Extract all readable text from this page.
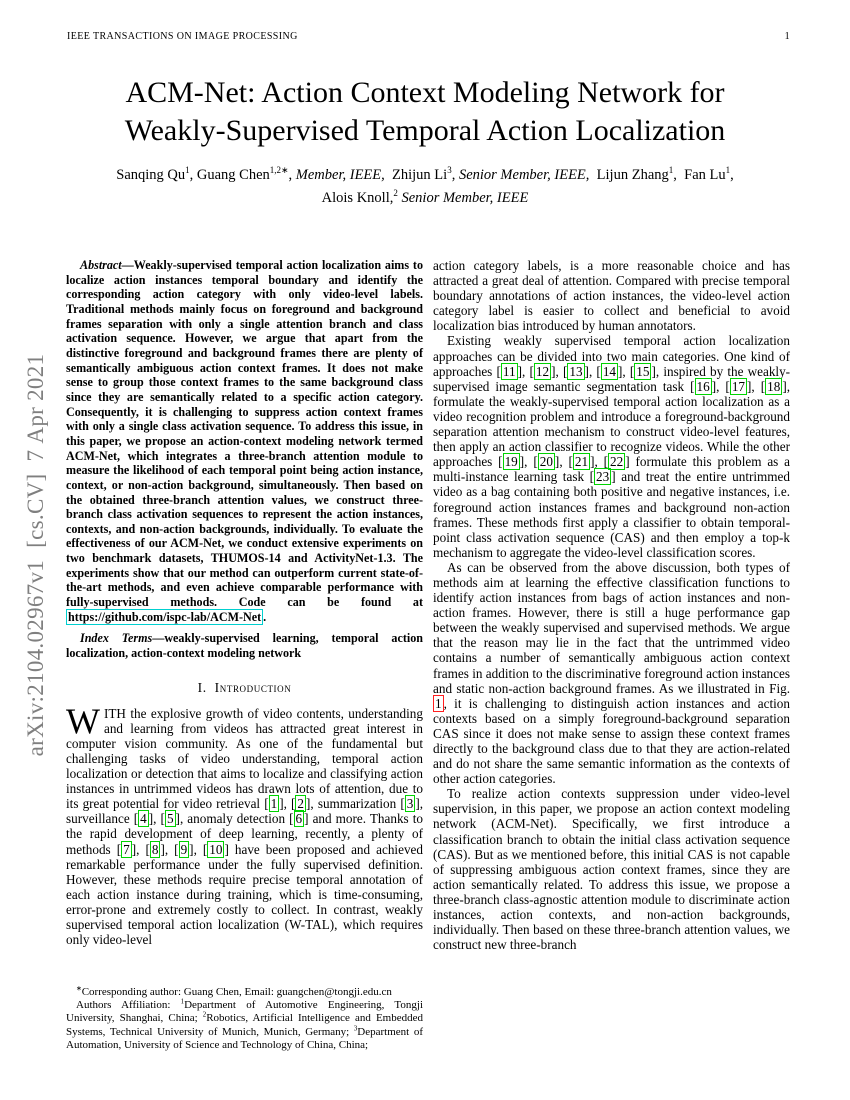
IEEE TRANSACTIONS ON IMAGE PROCESSING	1
arXiv:2104.02967v1  [cs.CV]  7 Apr 2021
ACM-Net: Action Context Modeling Network for
Weakly-Supervised Temporal Action Localization
Sanqing Qu$^1$, Guang Chen$^{1,2∗}$, Member, IEEE,  Zhijun Li$^3$, Senior Member, IEEE,  Lijun Zhang$^1$,  Fan Lu$^1$,
Alois Knoll,$^2$ Senior Member, IEEE

Abstract—Weakly-supervised temporal action localization aims to localize action instances temporal boundary and identify the corresponding action category with only video-level labels. Traditional methods mainly focus on foreground and background frames separation with only a single attention branch and class activation sequence. However, we argue that apart from the distinctive foreground and background frames there are plenty of semantically ambiguous action context frames. It does not make sense to group those context frames to the same background class since they are semantically related to a specific action category. Consequently, it is challenging to suppress action context frames with only a single class activation sequence. To address this issue, in this paper, we propose an action-context modeling network termed ACM-Net, which integrates a three-branch attention module to measure the likelihood of each temporal point being action instance, context, or non-action background, simultaneously. Then based on the obtained three-branch attention values, we construct three-branch class activation sequences to represent the action instances, contexts, and non-action backgrounds, individually. To evaluate the effectiveness of our ACM-Net, we conduct extensive experiments on two benchmark datasets, THUMOS-14 and ActivityNet-1.3. The experiments show that our method can outperform current state-of-the-art methods, and even achieve comparable performance with fully-supervised methods. Code can be found at https://github.com/ispc-lab/ACM-Net .

Index Terms—weakly-supervised learning, temporal action localization, action-context modeling network

I.  Introduction

WITH the explosive growth of video contents, understanding and learning from videos has attracted great interest in computer vision community. As one of the fundamental but challenging tasks of video understanding, temporal action localization or detection that aims to localize and classifying action instances in untrimmed videos has drawn lots of attention, due to its great potential for video retrieval [ 1 ], [ 2 ], summarization [ 3 ], surveillance [ 4 ], [ 5 ], anomaly detection [ 6 ] and more. Thanks to the rapid development of deep learning, recently, a plenty of methods [ 7 ], [ 8 ], [ 9 ], [ 10 ] have been proposed and achieved remarkable performance under the fully supervised definition. However, these methods require precise temporal annotation of each action instance during training, which is time-consuming, error-prone and extremely costly to collect. In contrast, weakly supervised temporal action localization (W-TAL), which requires only video-level

∗Corresponding author: Guang Chen, Email: guangchen@tongji.edu.cn

Authors Affiliation: $^1$Department of Automotive Engineering, Tongji University, Shanghai, China; $^2$Robotics, Artificial Intelligence and Embedded Systems, Technical University of Munich, Munich, Germany; $^3$Department of Automation, University of Science and Technology of China, China;

action category labels, is a more reasonable choice and has attracted a great deal of attention. Compared with precise temporal boundary annotations of action instances, the video-level action category label is easier to collect and beneficial to avoid localization bias introduced by human annotators.

Existing weakly supervised temporal action localization approaches can be divided into two main categories. One kind of approaches [ 11 ], [ 12 ], [ 13 ], [ 14 ], [ 15 ], inspired by the weakly-supervised image semantic segmentation task [ 16 ], [ 17 ], [ 18 ], formulate the weakly-supervised temporal action localization as a video recognition problem and introduce a foreground-background separation attention mechanism to construct video-level features, then apply an action classifier to recognize videos. While the other approaches [ 19 ], [ 20 ], [ 21 ], [ 22 ] formulate this problem as a multi-instance learning task [ 23 ] and treat the entire untrimmed video as a bag containing both positive and negative instances, i.e. foreground action instances frames and background non-action frames. These methods first apply a classifier to obtain temporal-point class activation sequence (CAS) and then employ a top-k mechanism to aggregate the video-level classification scores.

As can be observed from the above discussion, both types of methods aim at learning the effective classification functions to identify action instances from bags of action instances and non-action frames. However, there is still a huge performance gap between the weakly supervised and supervised methods. We argue that the reason may lie in the fact that the untrimmed video contains a number of semantically ambiguous action context frames in addition to the discriminative foreground action instances and static non-action background frames. As we illustrated in Fig. 1 , it is challenging to distinguish action instances and action contexts based on a simply foreground-background separation CAS since it does not make sense to assign these context frames directly to the background class due to that they are action-related and do not share the same semantic information as the contexts of other action categories.

To realize action contexts suppression under video-level supervision, in this paper, we propose an action context modeling network (ACM-Net). Specifically, we first introduce a classification branch to obtain the initial class activation sequence (CAS). But as we mentioned before, this initial CAS is not capable of suppressing ambiguous action context frames, since they are action semantically related. To address this issue, we propose a three-branch class-agnostic attention module to discriminate action instances, action contexts, and non-action backgrounds, individually. Then based on these three-branch attention values, we construct new three-branch
